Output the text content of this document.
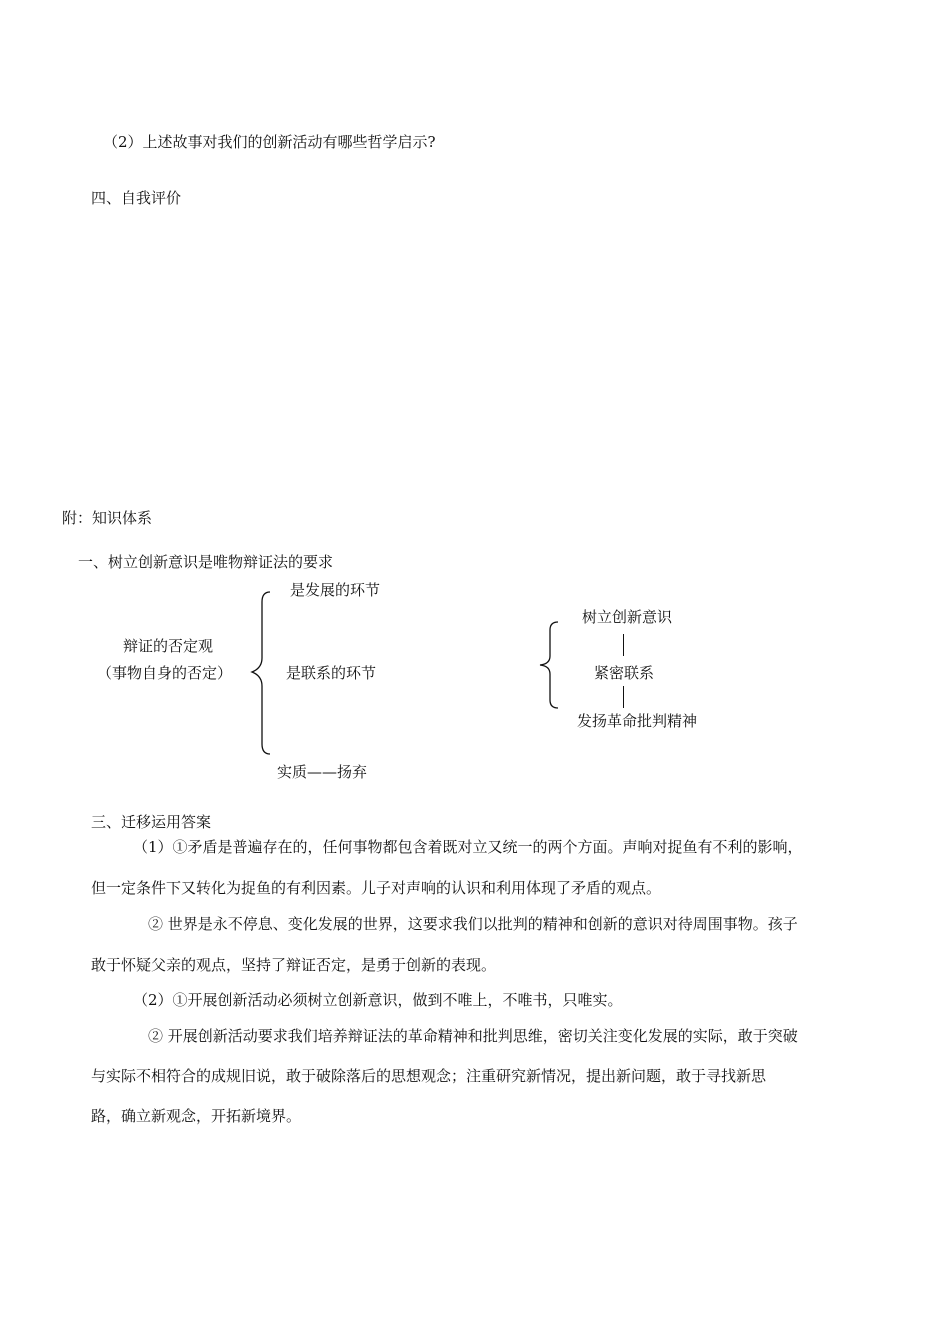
（2）上述故事对我们的创新活动有哪些哲学启示?
四、自我评价
附：知识体系
一、树立创新意识是唯物辩证法的要求
辩证的否定观
（事物自身的否定）
是发展的环节
是联系的环节
实质——扬弃
树立创新意识
紧密联系
发扬革命批判精神
三、迁移运用答案
（1）①矛盾是普遍存在的，任何事物都包含着既对立又统一的两个方面。声响对捉鱼有不利的影响，
但一定条件下又转化为捉鱼的有利因素。儿子对声响的认识和利用体现了矛盾的观点。
② 世界是永不停息、变化发展的世界，这要求我们以批判的精神和创新的意识对待周围事物。孩子
敢于怀疑父亲的观点，坚持了辩证否定，是勇于创新的表现。
（2）①开展创新活动必须树立创新意识，做到不唯上，不唯书，只唯实。
② 开展创新活动要求我们培养辩证法的革命精神和批判思维，密切关注变化发展的实际，敢于突破
与实际不相符合的成规旧说，敢于破除落后的思想观念；注重研究新情况，提出新问题，敢于寻找新思
路，确立新观念，开拓新境界。
